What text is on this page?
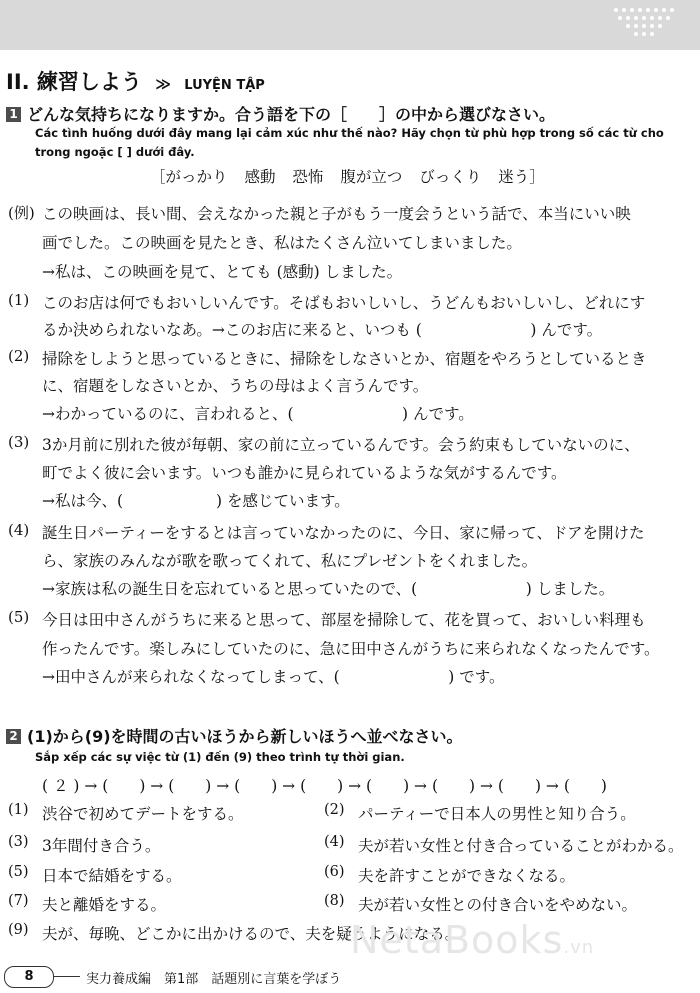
II. 練習しよう ≫ LUYỆN TẬP
1 どんな気持ちになりますか。合う語を下の［　　］の中から選びなさい。
Các tình huống dưới đây mang lại cảm xúc như thế nào? Hãy chọn từ phù hợp trong số các từ cho trong ngoặc [ ] dưới đây.
［がっかり 感動 恐怖 腹が立つ びっくり 迷う］
(例) この映画は、長い間、会えなかった親と子がもう一度会うという話で、本当にいい映
画でした。この映画を見たとき、私はたくさん泣いてしまいました。
→私は、この映画を見て、とても (感動) しました。
(1) このお店は何でもおいしいんです。そばもおいしいし、うどんもおいしいし、どれにす
るか決められないなあ。→このお店に来ると、いつも (　　　　　　　) んです。
(2) 掃除をしようと思っているときに、掃除をしなさいとか、宿題をやろうとしているとき
に、宿題をしなさいとか、うちの母はよく言うんです。
→わかっているのに、言われると、(　　　　　　　) んです。
(3) 3か月前に別れた彼が毎朝、家の前に立っているんです。会う約束もしていないのに、
町でよく彼に会います。いつも誰かに見られているような気がするんです。
→私は今、(　　　　　　) を感じています。
(4) 誕生日パーティーをするとは言っていなかったのに、今日、家に帰って、ドアを開けた
ら、家族のみんなが歌を歌ってくれて、私にプレゼントをくれました。
→家族は私の誕生日を忘れていると思っていたので、(　　　　　　　) しました。
(5) 今日は田中さんがうちに来ると思って、部屋を掃除して、花を買って、おいしい料理も
作ったんです。楽しみにしていたのに、急に田中さんがうちに来られなくなったんです。
→田中さんが来られなくなってしまって、(　　　　　　　) です。
2 (1)から(9)を時間の古いほうから新しいほうへ並べなさい。
Sắp xếp các sự việc từ (1) đến (9) theo trình tự thời gian.
( ２ ) → (　　) → (　　) → (　　) → (　　) → (　　) → (　　) → (　　) → (　　)
(1) 渋谷で初めてデートをする。	(2) パーティーで日本人の男性と知り合う。
(3) 3年間付き合う。	(4) 夫が若い女性と付き合っていることがわかる。
(5) 日本で結婚をする。	(6) 夫を許すことができなくなる。
(7) 夫と離婚をする。	(8) 夫が若い女性との付き合いをやめない。
(9) 夫が、毎晩、どこかに出かけるので、夫を疑うようになる。
NetaBooks.vn
8	実力養成編　第1部　話題別に言葉を学ぼう
